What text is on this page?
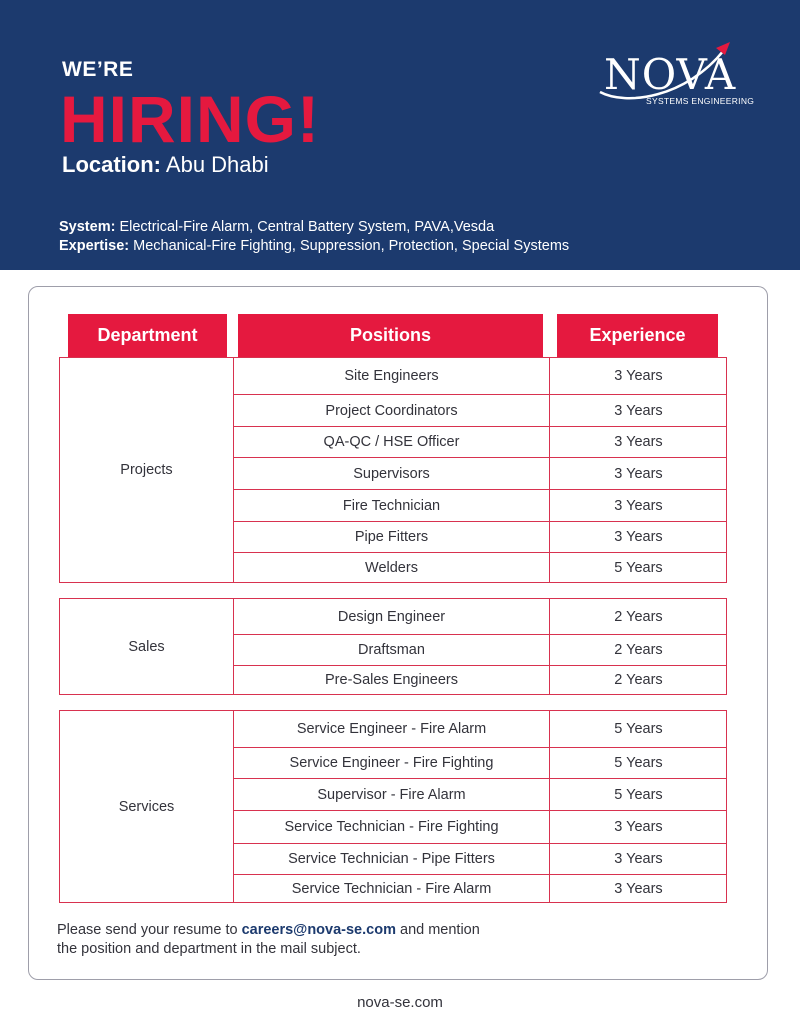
WE’RE
HIRING!
Location: Abu Dhabi
System: Electrical-Fire Alarm, Central Battery System, PAVA,Vesda
Expertise: Mechanical-Fire Fighting, Suppression, Protection, Special Systems
NOVA
SYSTEMS ENGINEERING
Department	Positions	Experience
Projects
Site Engineers	3 Years
Project Coordinators	3 Years
QA-QC / HSE Officer	3 Years
Supervisors	3 Years
Fire Technician	3 Years
Pipe Fitters	3 Years
Welders	5 Years
Sales
Design Engineer	2 Years
Draftsman	2 Years
Pre-Sales Engineers	2 Years
Services
Service Engineer - Fire Alarm	5 Years
Service Engineer - Fire Fighting	5 Years
Supervisor - Fire Alarm	5 Years
Service Technician - Fire Fighting	3 Years
Service Technician - Pipe Fitters	3 Years
Service Technician - Fire Alarm	3 Years
Please send your resume to careers@nova-se.com and mention
the position and department in the mail subject.
nova-se.com
